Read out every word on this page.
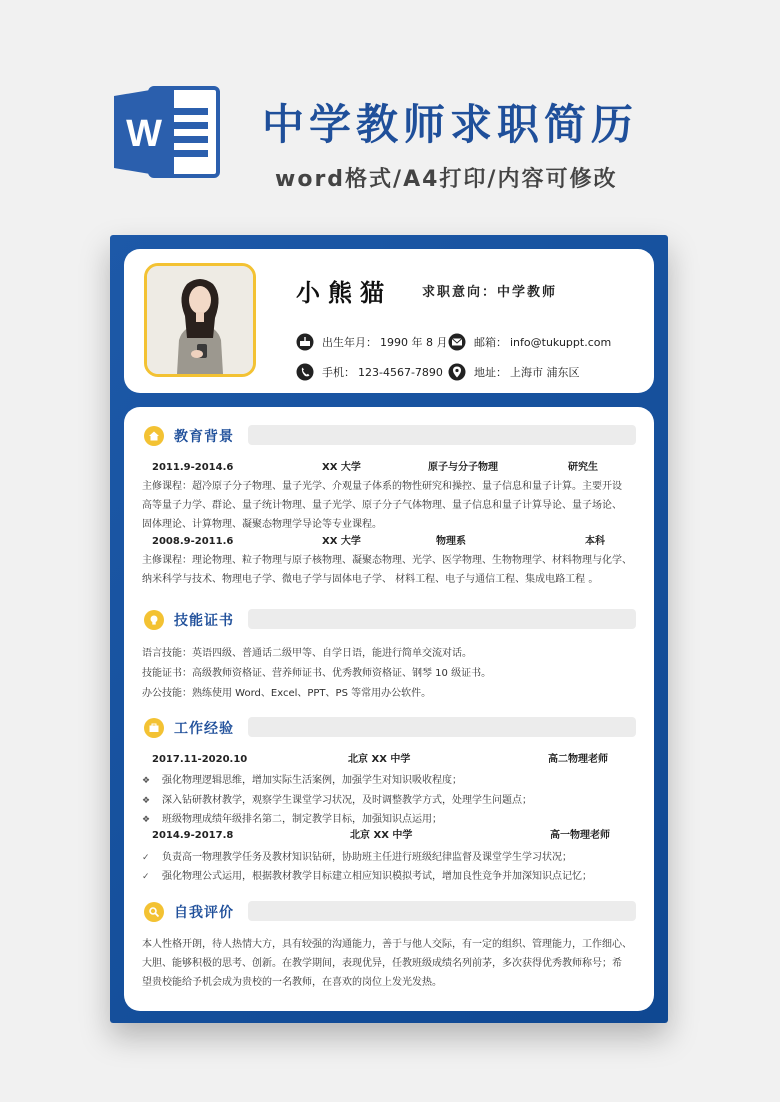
W 中学教师求职简历
word格式/A4打印/内容可修改
小熊猫 求职意向：中学教师
出生年月： 1990 年 8 月 邮箱： info@tukuppt.com
手机： 123-4567-7890	地址： 上海市 浦东区
教育背景
2011.9-2014.6	XX 大学	原子与分子物理	研究生
主修课程：超冷原子分子物理、量子光学、介观量子体系的物性研究和操控、量子信息和量子计算。主要开设
高等量子力学、群论、量子统计物理、量子光学、原子分子气体物理、量子信息和量子计算导论、量子场论、
固体理论、计算物理、凝聚态物理学导论等专业课程。
2008.9-2011.6	XX 大学	物理系	本科
主修课程：理论物理、粒子物理与原子核物理、凝聚态物理、光学、医学物理、生物物理学、材料物理与化学、
纳米科学与技术、物理电子学、微电子学与固体电子学、 材料工程、电子与通信工程、集成电路工程 。
技能证书
语言技能：英语四级、普通话二级甲等、自学日语，能进行简单交流对话。
技能证书：高级教师资格证、营养师证书、优秀教师资格证、钢琴 10 级证书。
办公技能：熟练使用 Word、Excel、PPT、PS 等常用办公软件。
工作经验
2017.11-2020.10	北京 XX 中学	高二物理老师
❖ 强化物理逻辑思维，增加实际生活案例，加强学生对知识吸收程度；
❖ 深入钻研教材教学，观察学生课堂学习状况，及时调整教学方式，处理学生问题点；
❖ 班级物理成绩年级排名第二，制定教学目标，加强知识点运用；
2014.9-2017.8	北京 XX 中学	高一物理老师
✓ 负责高一物理教学任务及教材知识钻研，协助班主任进行班级纪律监督及课堂学生学习状况；
✓ 强化物理公式运用，根据教材教学目标建立相应知识模拟考试，增加良性竞争并加深知识点记忆；
自我评价
本人性格开朗，待人热情大方，具有较强的沟通能力，善于与他人交际，有一定的组织、管理能力，工作细心、
大胆、能够积极的思考、创新。在教学期间，表现优异，任教班级成绩名列前茅，多次获得优秀教师称号；希
望贵校能给予机会成为贵校的一名教师，在喜欢的岗位上发光发热。
